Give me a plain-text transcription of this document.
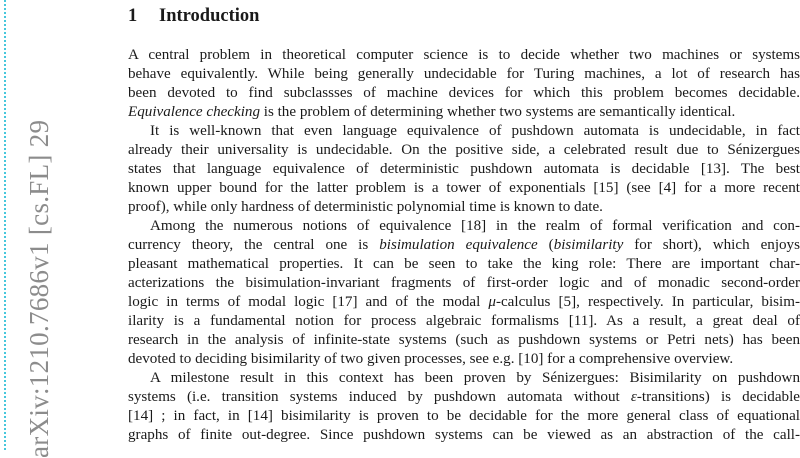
arXiv:1210.7686v1 [cs.FL] 29
1 Introduction
A central problem in theoretical computer science is to decide whether two machines or systems
behave equivalently. While being generally undecidable for Turing machines, a lot of research has
been devoted to find subclassses of machine devices for which this problem becomes decidable.
Equivalence checking is the problem of determining whether two systems are semantically identical.
It is well-known that even language equivalence of pushdown automata is undecidable, in fact
already their universality is undecidable. On the positive side, a celebrated result due to Sénizergues
states that language equivalence of deterministic pushdown automata is decidable [13]. The best
known upper bound for the latter problem is a tower of exponentials [15] (see [4] for a more recent
proof), while only hardness of deterministic polynomial time is known to date.
Among the numerous notions of equivalence [18] in the realm of formal verification and con-
currency theory, the central one is bisimulation equivalence (bisimilarity for short), which enjoys
pleasant mathematical properties. It can be seen to take the king role: There are important char-
acterizations the bisimulation-invariant fragments of first-order logic and of monadic second-order
logic in terms of modal logic [17] and of the modal μ-calculus [5], respectively. In particular, bisim-
ilarity is a fundamental notion for process algebraic formalisms [11]. As a result, a great deal of
research in the analysis of infinite-state systems (such as pushdown systems or Petri nets) has been
devoted to deciding bisimilarity of two given processes, see e.g. [10] for a comprehensive overview.
A milestone result in this context has been proven by Sénizergues: Bisimilarity on pushdown
systems (i.e. transition systems induced by pushdown automata without ε-transitions) is decidable
[14] ; in fact, in [14] bisimilarity is proven to be decidable for the more general class of equational
graphs of finite out-degree. Since pushdown systems can be viewed as an abstraction of the call-
